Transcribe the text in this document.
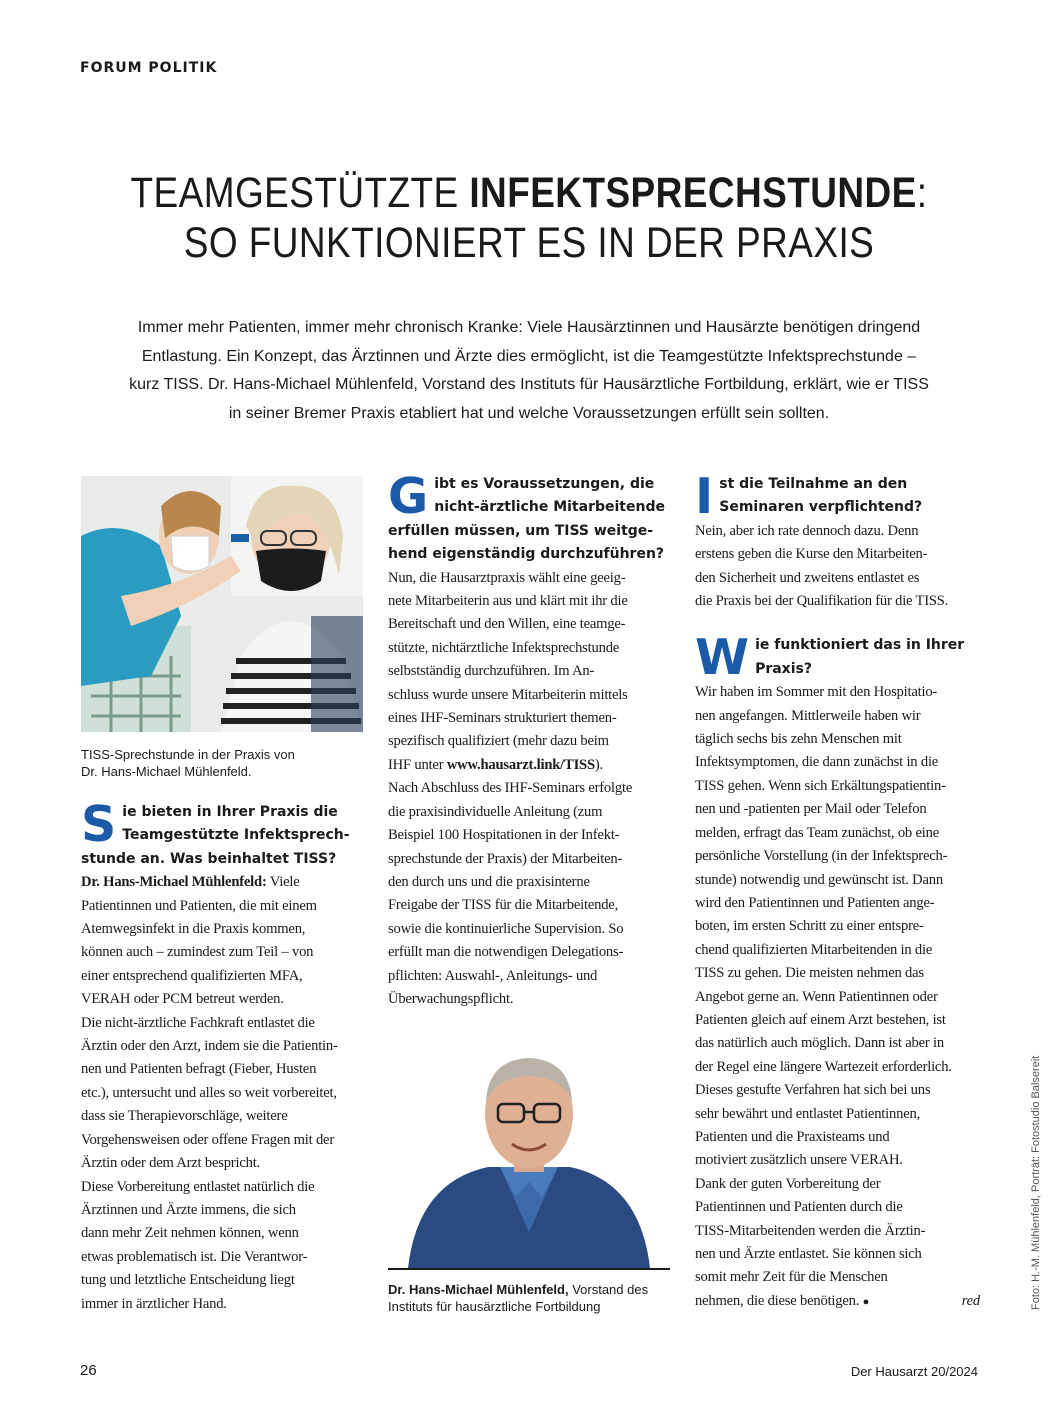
FORUM POLITIK
TEAMGESTÜTZTE INFEKTSPRECHSTUNDE:
SO FUNKTIONIERT ES IN DER PRAXIS
Immer mehr Patienten, immer mehr chronisch Kranke: Viele Hausärztinnen und Hausärzte benötigen dringend
Entlastung. Ein Konzept, das Ärztinnen und Ärzte dies ermöglicht, ist die Teamgestützte Infektsprechstunde –
kurz TISS. Dr. Hans-Michael Mühlenfeld, Vorstand des Instituts für Hausärztliche Fortbildung, erklärt, wie er TISS
in seiner Bremer Praxis etabliert hat und welche Voraussetzungen erfüllt sein sollten.
TISS-Sprechstunde in der Praxis von
Dr. Hans-Michael Mühlenfeld.
S ie bieten in Ihrer Praxis die
Teamgestützte Infektsprech-
stunde an. Was beinhaltet TISS?
Dr. Hans-Michael Mühlenfeld: Viele
Patientinnen und Patienten, die mit einem
Atemwegsinfekt in die Praxis kommen,
können auch – zumindest zum Teil – von
einer entsprechend qualifizierten MFA,
VERAH oder PCM betreut werden.
Die nicht-ärztliche Fachkraft entlastet die
Ärztin oder den Arzt, indem sie die Patientin-
nen und Patienten befragt (Fieber, Husten
etc.), untersucht und alles so weit vorbereitet,
dass sie Therapievorschläge, weitere
Vorgehensweisen oder offene Fragen mit der
Ärztin oder dem Arzt bespricht.
Diese Vorbereitung entlastet natürlich die
Ärztinnen und Ärzte immens, die sich
dann mehr Zeit nehmen können, wenn
etwas problematisch ist. Die Verantwor-
tung und letztliche Entscheidung liegt
immer in ärztlicher Hand.
G ibt es Voraussetzungen, die
nicht-ärztliche Mitarbeitende
erfüllen müssen, um TISS weitge-
hend eigenständig durchzuführen?
Nun, die Hausarztpraxis wählt eine geeig-
nete Mitarbeiterin aus und klärt mit ihr die
Bereitschaft und den Willen, eine teamge-
stützte, nichtärztliche Infektsprechstunde
selbstständig durchzuführen. Im An-
schluss wurde unsere Mitarbeiterin mittels
eines IHF-Seminars strukturiert themen-
spezifisch qualifiziert (mehr dazu beim
IHF unter www.hausarzt.link/TISS).
Nach Abschluss des IHF-Seminars erfolgte
die praxisindividuelle Anleitung (zum
Beispiel 100 Hospitationen in der Infekt-
sprechstunde der Praxis) der Mitarbeiten-
den durch uns und die praxisinterne
Freigabe der TISS für die Mitarbeitende,
sowie die kontinuierliche Supervision. So
erfüllt man die notwendigen Delegations-
pflichten: Auswahl-, Anleitungs- und
Überwachungspflicht.
Dr. Hans-Michael Mühlenfeld, Vorstand des
Instituts für hausärztliche Fortbildung
I st die Teilnahme an den
Seminaren verpflichtend?
Nein, aber ich rate dennoch dazu. Denn
erstens geben die Kurse den Mitarbeiten-
den Sicherheit und zweitens entlastet es
die Praxis bei der Qualifikation für die TISS.
W ie funktioniert das in Ihrer
Praxis?
Wir haben im Sommer mit den Hospitatio-
nen angefangen. Mittlerweile haben wir
täglich sechs bis zehn Menschen mit
Infektsymptomen, die dann zunächst in die
TISS gehen. Wenn sich Erkältungspatientin-
nen und -patienten per Mail oder Telefon
melden, erfragt das Team zunächst, ob eine
persönliche Vorstellung (in der Infektsprech-
stunde) notwendig und gewünscht ist. Dann
wird den Patientinnen und Patienten ange-
boten, im ersten Schritt zu einer entspre-
chend qualifizierten Mitarbeitenden in die
TISS zu gehen. Die meisten nehmen das
Angebot gerne an. Wenn Patientinnen oder
Patienten gleich auf einem Arzt bestehen, ist
das natürlich auch möglich. Dann ist aber in
der Regel eine längere Wartezeit erforderlich.
Dieses gestufte Verfahren hat sich bei uns
sehr bewährt und entlastet Patientinnen,
Patienten und die Praxisteams und
motiviert zusätzlich unsere VERAH.
Dank der guten Vorbereitung der
Patientinnen und Patienten durch die
TISS-Mitarbeitenden werden die Ärztin-
nen und Ärzte entlastet. Sie können sich
somit mehr Zeit für die Menschen
nehmen, die diese benötigen. ●	red	Foto: H.-M. Mühlenfeld, Porträt: Fotostudio Balsereit
26	Der Hausarzt 20/2024
